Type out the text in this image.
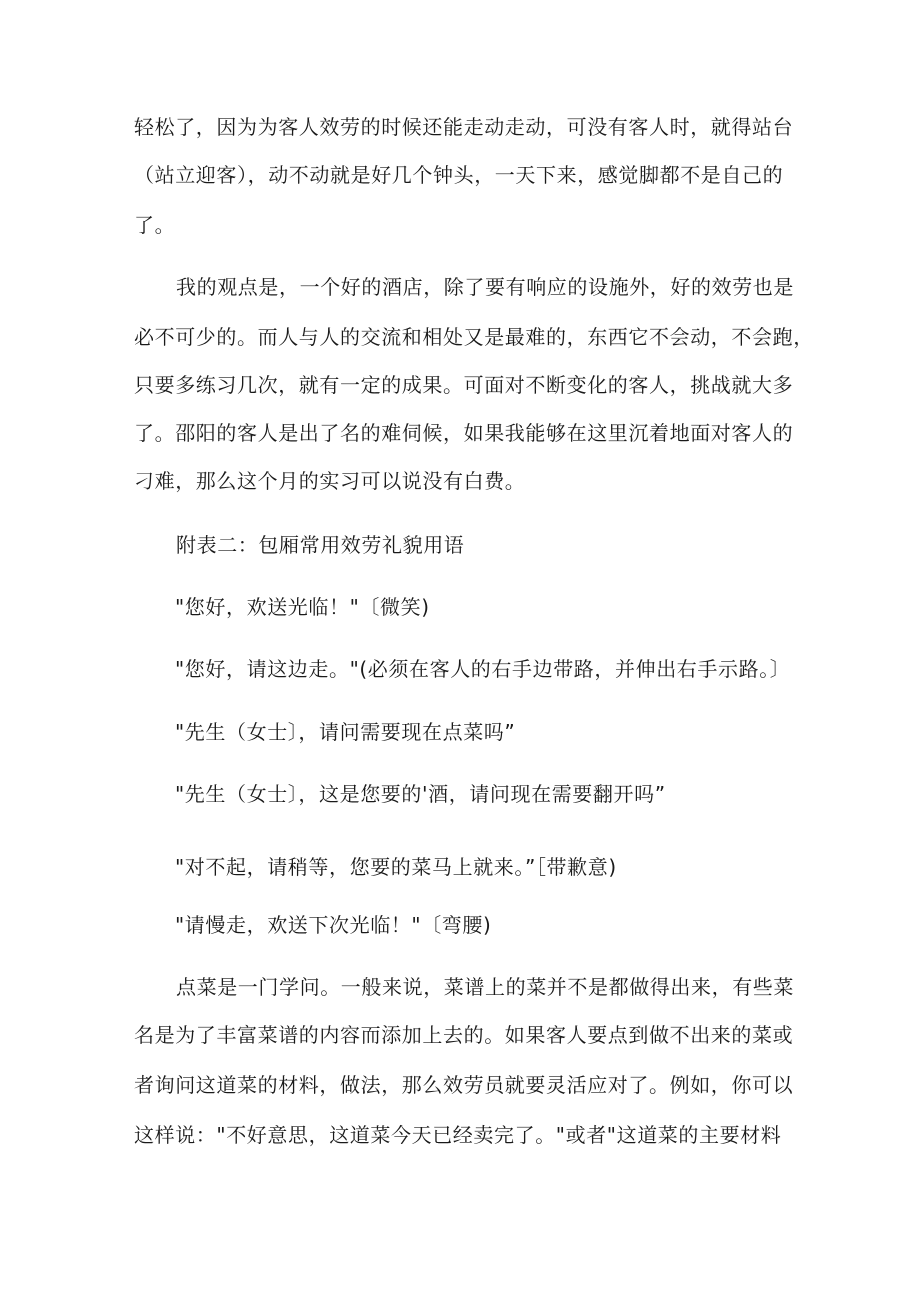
轻松了，因为为客人效劳的时候还能走动走动，可没有客人时，就得站台
（站立迎客），动不动就是好几个钟头，一天下来，感觉脚都不是自己的
了。
我的观点是，一个好的酒店，除了要有响应的设施外，好的效劳也是
必不可少的。而人与人的交流和相处又是最难的，东西它不会动，不会跑，
只要多练习几次，就有一定的成果。可面对不断变化的客人，挑战就大多
了。邵阳的客人是出了名的难伺候，如果我能够在这里沉着地面对客人的
刁难，那么这个月的实习可以说没有白费。
附表二：包厢常用效劳礼貌用语
"您好，欢送光临！"〔微笑)
"您好，请这边走。"(必须在客人的右手边带路，并伸出右手示路。〕
"先生（女士〕，请问需要现在点菜吗”
"先生（女士〕，这是您要的'酒，请问现在需要翻开吗”
"对不起，请稍等，您要的菜马上就来。”［带歉意)
"请慢走，欢送下次光临！"〔弯腰)
点菜是一门学问。一般来说，菜谱上的菜并不是都做得出来，有些菜
名是为了丰富菜谱的内容而添加上去的。如果客人要点到做不出来的菜或
者询问这道菜的材料，做法，那么效劳员就要灵活应对了。例如，你可以
这样说："不好意思，这道菜今天已经卖完了。"或者"这道菜的主要材料
